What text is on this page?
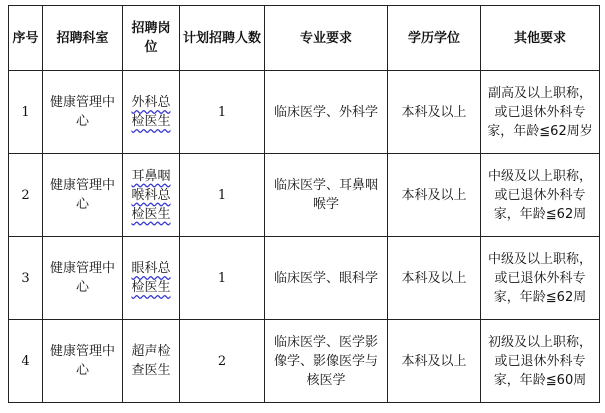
序号	招聘科室	招聘岗位	计划招聘人数	专业要求	学历学位	其他要求
1	健康管理中心	外科总检医生	1	临床医学、外科学	本科及以上	副高及以上职称，或已退休外科专家，年龄≦62周岁
2	健康管理中心	耳鼻咽喉科总检医生	1	临床医学、耳鼻咽喉学	本科及以上	中级及以上职称，或已退休外科专家，年龄≦62周
3	健康管理中心	眼科总检医生	1	临床医学、眼科学	本科及以上	中级及以上职称，或已退休外科专家，年龄≦62周
4	健康管理中心	超声检查医生	2	临床医学、医学影像学、影像医学与核医学	本科及以上	初级及以上职称，或已退休外科专家，年龄≦60周
